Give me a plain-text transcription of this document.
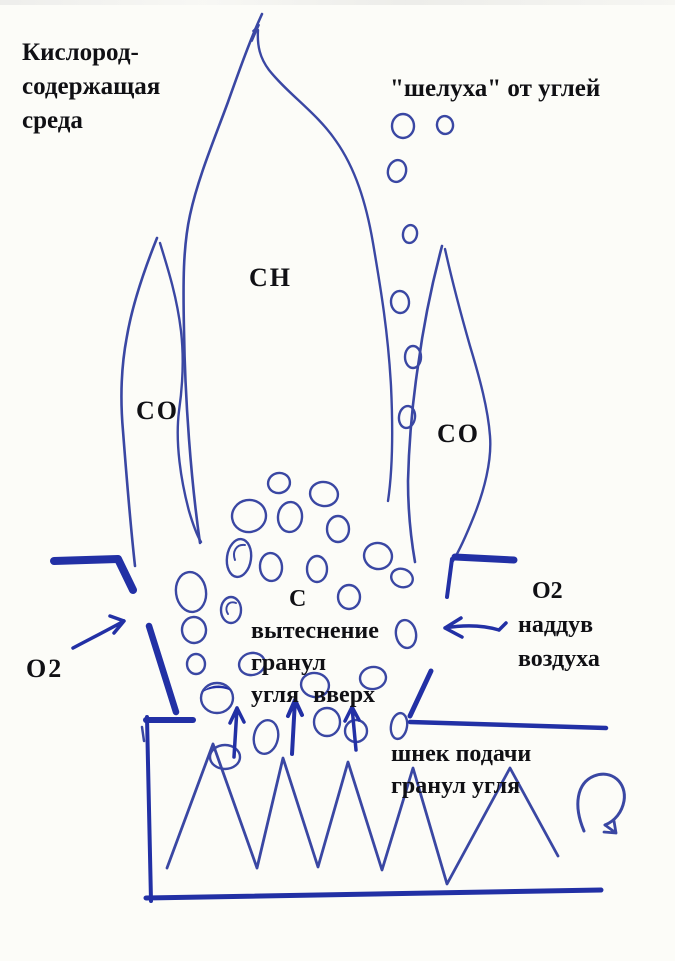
Кислород-
содержащая
среда
"шелуха" от углей
CH
CO
CO
O2
C
вытеснение
гранул
угля вверх
O2
наддув
воздуха
шнек подачи
гранул угля
